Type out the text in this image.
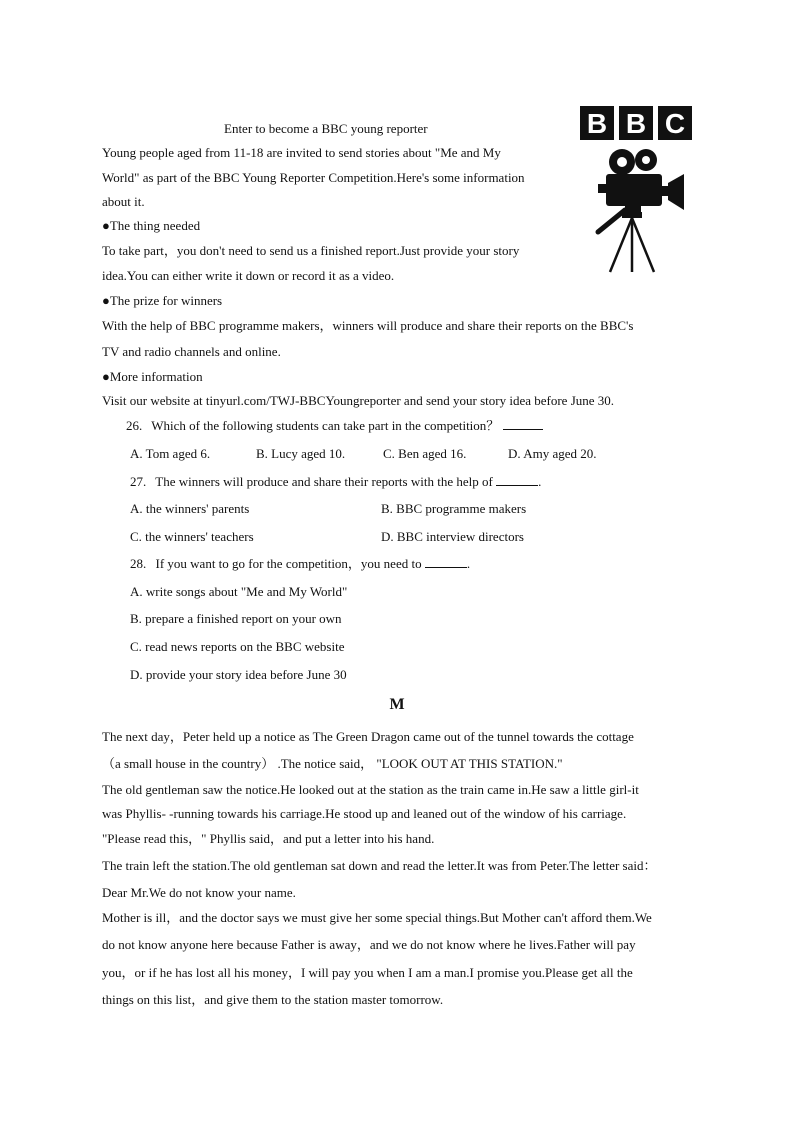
Enter to become a BBC young reporter	B B C
Young people aged from 11-18 are invited to send stories about "Me and My
World" as part of the BBC Young Reporter Competition.Here's some information
about it.
●The thing needed
To take part，you don't need to send us a finished report.Just provide your story
idea.You can either write it down or record it as a video.
●The prize for winners
With the help of BBC programme makers，winners will produce and share their reports on the BBC's
TV and radio channels and online.
●More information
Visit our website at tinyurl.com/TWJ-BBCYoungreporter and send your story idea before June 30.
26. Which of the following students can take part in the competition？
A. Tom aged 6.	B. Lucy aged 10.	C. Ben aged 16.	D. Amy aged 20.
27. The winners will produce and share their reports with the help of	.
A. the winners' parents	B. BBC programme makers
C. the winners' teachers	D. BBC interview directors
28. If you want to go for the competition，you need to	.
A. write songs about "Me and My World"
B. prepare a finished report on your own
C. read news reports on the BBC website
D. provide your story idea before June 30
M
The next day，Peter held up a notice as The Green Dragon came out of the tunnel towards the cottage
（a small house in the country） .The notice said， "LOOK OUT AT THIS STATION."
The old gentleman saw the notice.He looked out at the station as the train came in.He saw a little girl-it
was Phyllis- -running towards his carriage.He stood up and leaned out of the window of his carriage.
"Please read this，" Phyllis said，and put a letter into his hand.
The train left the station.The old gentleman sat down and read the letter.It was from Peter.The letter said：
Dear Mr.We do not know your name.
Mother is ill，and the doctor says we must give her some special things.But Mother can't afford them.We
do not know anyone here because Father is away，and we do not know where he lives.Father will pay
you，or if he has lost all his money，I will pay you when I am a man.I promise you.Please get all the
things on this list，and give them to the station master tomorrow.
